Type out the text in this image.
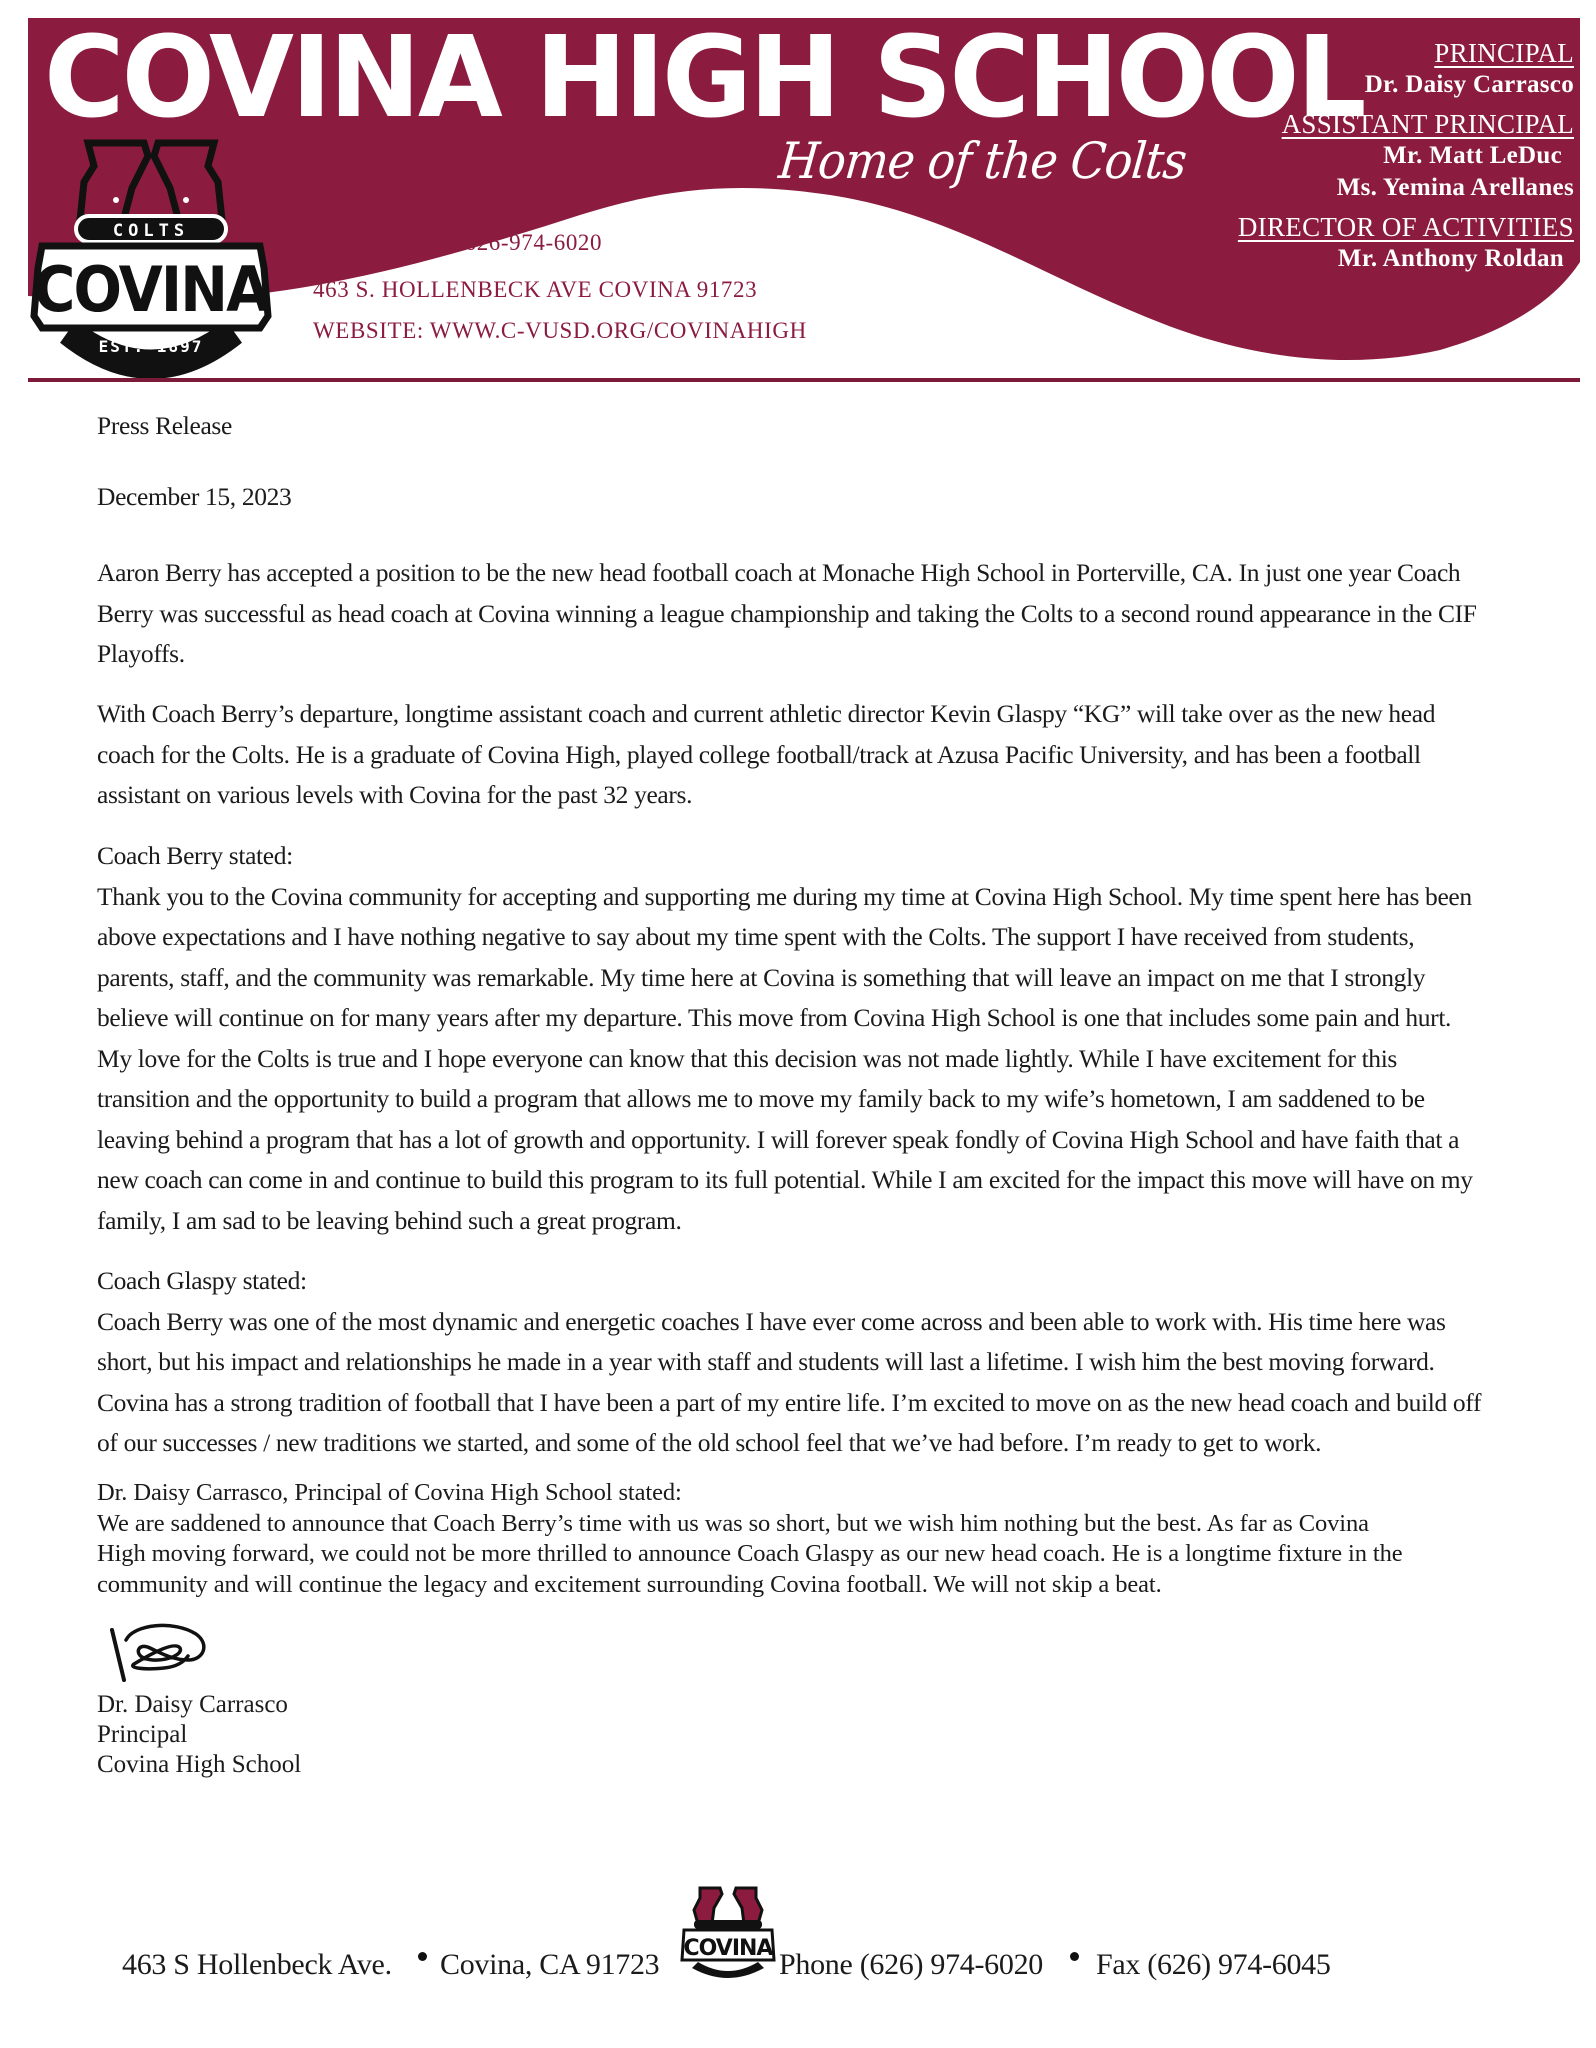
COLTS
COVINA
EST. 1897
COVINA HIGH SCHOOL
Home of the Colts
TELEPHONE: 626-974-6020
463 S. HOLLENBECK AVE COVINA 91723
WEBSITE: WWW.C-VUSD.ORG/COVINAHIGH
PRINCIPAL
Dr. Daisy Carrasco
ASSISTANT PRINCIPAL
Mr. Matt LeDuc
Ms. Yemina Arellanes
DIRECTOR OF ACTIVITIES
Mr. Anthony Roldan
Press Release
December 15, 2023
Aaron Berry has accepted a position to be the new head football coach at Monache High School in Porterville, CA. In just one year Coach
Berry was successful as head coach at Covina winning a league championship and taking the Colts to a second round appearance in the CIF
Playoffs.
With Coach Berry’s departure, longtime assistant coach and current athletic director Kevin Glaspy “KG” will take over as the new head
coach for the Colts. He is a graduate of Covina High, played college football/track at Azusa Pacific University, and has been a football
assistant on various levels with Covina for the past 32 years.
Coach Berry stated:
Thank you to the Covina community for accepting and supporting me during my time at Covina High School. My time spent here has been
above expectations and I have nothing negative to say about my time spent with the Colts. The support I have received from students,
parents, staff, and the community was remarkable. My time here at Covina is something that will leave an impact on me that I strongly
believe will continue on for many years after my departure. This move from Covina High School is one that includes some pain and hurt.
My love for the Colts is true and I hope everyone can know that this decision was not made lightly. While I have excitement for this
transition and the opportunity to build a program that allows me to move my family back to my wife’s hometown, I am saddened to be
leaving behind a program that has a lot of growth and opportunity. I will forever speak fondly of Covina High School and have faith that a
new coach can come in and continue to build this program to its full potential. While I am excited for the impact this move will have on my
family, I am sad to be leaving behind such a great program.
Coach Glaspy stated:
Coach Berry was one of the most dynamic and energetic coaches I have ever come across and been able to work with. His time here was
short, but his impact and relationships he made in a year with staff and students will last a lifetime. I wish him the best moving forward.
Covina has a strong tradition of football that I have been a part of my entire life. I’m excited to move on as the new head coach and build off
of our successes / new traditions we started, and some of the old school feel that we’ve had before. I’m ready to get to work.
Dr. Daisy Carrasco, Principal of Covina High School stated:
We are saddened to announce that Coach Berry’s time with us was so short, but we wish him nothing but the best. As far as Covina
High moving forward, we could not be more thrilled to announce Coach Glaspy as our new head coach. He is a longtime fixture in the
community and will continue the legacy and excitement surrounding Covina football. We will not skip a beat.
Dr. Daisy Carrasco
Principal
Covina High School
463 S Hollenbeck Ave. Covina, CA 91723 COVINA Phone (626) 974-6020 Fax (626) 974-6045
